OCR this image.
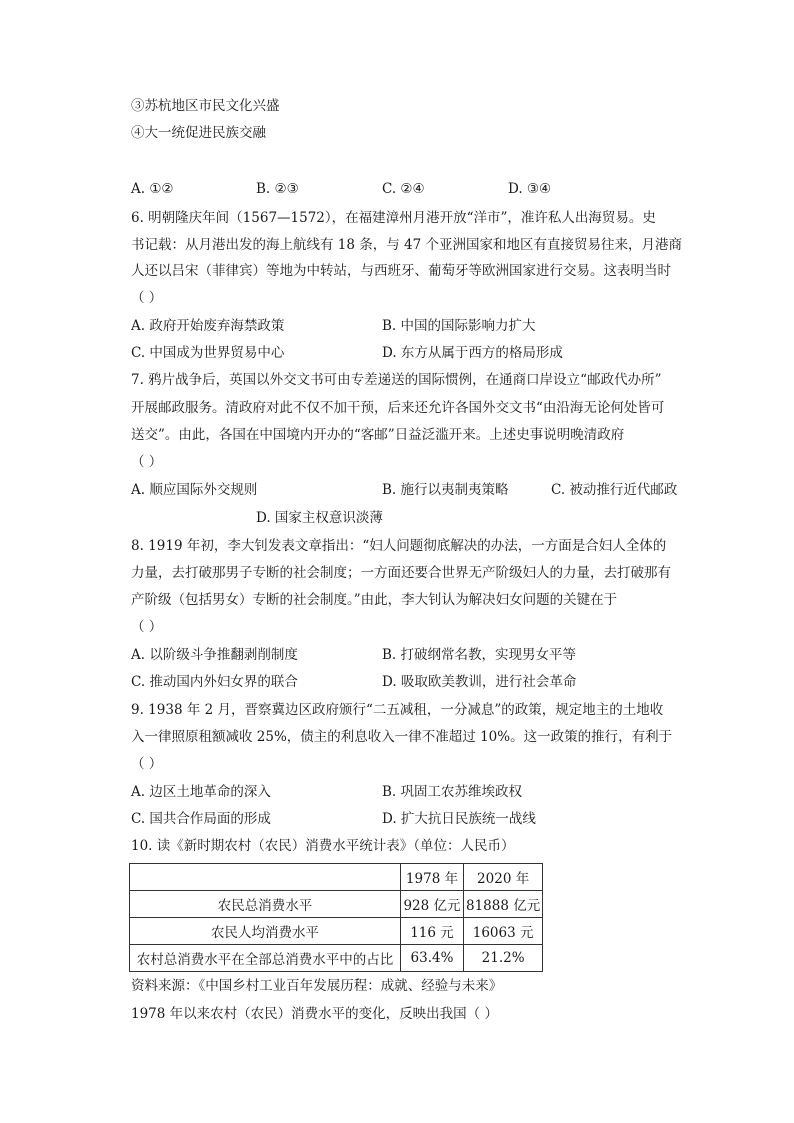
③苏杭地区市民文化兴盛
④大一统促进民族交融
A. ①②	B. ②③	C. ②④	D. ③④
6. 明朝隆庆年间（1567—1572），在福建漳州月港开放“洋市”，准许私人出海贸易。史
书记载：从月港出发的海上航线有 18 条，与 47 个亚洲国家和地区有直接贸易往来，月港商
人还以吕宋（菲律宾）等地为中转站，与西班牙、葡萄牙等欧洲国家进行交易。这表明当时
（ ）
A. 政府开始废弃海禁政策	B. 中国的国际影响力扩大
C. 中国成为世界贸易中心	D. 东方从属于西方的格局形成
7. 鸦片战争后，英国以外交文书可由专差递送的国际惯例，在通商口岸设立“邮政代办所”
开展邮政服务。清政府对此不仅不加干预，后来还允许各国外交文书“由沿海无论何处皆可
送交”。由此，各国在中国境内开办的“客邮”日益泛滥开来。上述史事说明晚清政府
（ ）
A. 顺应国际外交规则	B. 施行以夷制夷策略	C. 被动推行近代邮政
D. 国家主权意识淡薄
8. 1919 年初，李大钊发表文章指出：“妇人问题彻底解决的办法，一方面是合妇人全体的
力量，去打破那男子专断的社会制度；一方面还要合世界无产阶级妇人的力量，去打破那有
产阶级（包括男女）专断的社会制度。”由此，李大钊认为解决妇女问题的关键在于
（ ）
A. 以阶级斗争推翻剥削制度	B. 打破纲常名教，实现男女平等
C. 推动国内外妇女界的联合	D. 吸取欧美教训，进行社会革命
9. 1938 年 2 月，晋察冀边区政府颁行“二五减租，一分减息”的政策，规定地主的土地收
入一律照原租额减收 25%，债主的利息收入一律不准超过 10%。这一政策的推行，有利于
（ ）
A. 边区土地革命的深入	B. 巩固工农苏维埃政权
C. 国共合作局面的形成	D. 扩大抗日民族统一战线
10. 读《新时期农村（农民）消费水平统计表》（单位：人民币）
	1978 年	2020 年
农民总消费水平	928 亿元	81888 亿元
农民人均消费水平	116 元	16063 元
农村总消费水平在全部总消费水平中的占比	63.4%	21.2%
资料来源：《中国乡村工业百年发展历程：成就、经验与未来》
1978 年以来农村（农民）消费水平的变化，反映出我国（ ）
